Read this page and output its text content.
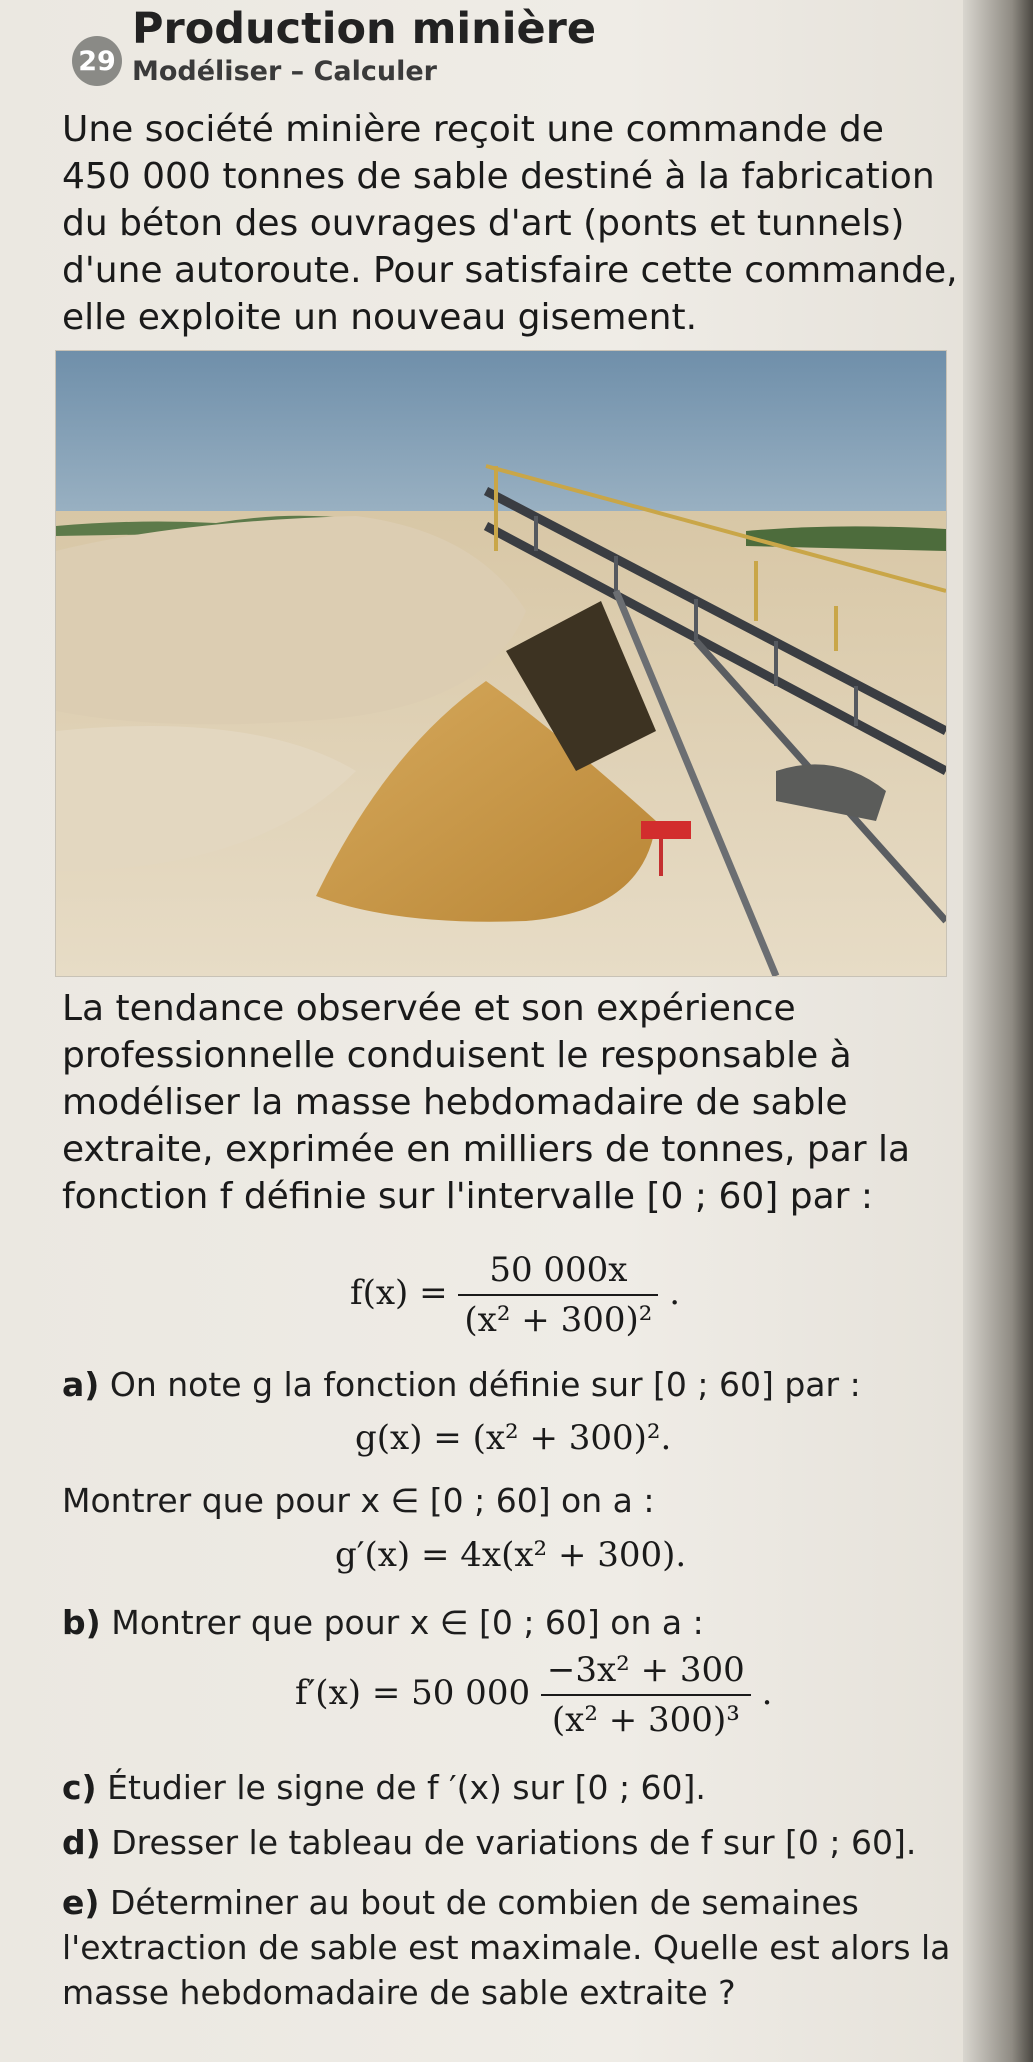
29
Production minière
Modéliser – Calculer
Une société minière reçoit une commande de 450 000 tonnes de sable destiné à la fabrication du béton des ouvrages d'art (ponts et tunnels) d'une autoroute. Pour satisfaire cette commande, elle exploite un nouveau gisement.
La tendance observée et son expérience professionnelle conduisent le responsable à modéliser la masse hebdomadaire de sable extraite, exprimée en milliers de tonnes, par la fonction f définie sur l'intervalle [0 ; 60] par :
$f(x) = \frac{50 000x}{\text{(x² + 300)²}}$ .
a) On note g la fonction définie sur [0 ; 60] par :
g(x) = (x² + 300)².
Montrer que pour x ∈ [0 ; 60] on a :
g′(x) = 4x(x² + 300).
b) Montrer que pour x ∈ [0 ; 60] on a :
f′(x) = 50 $000 \frac{\text{−3x² + 300}}{\text{(x² + 300)³}}$ .
c) Étudier le signe de f ′(x) sur [0 ; 60].
d) Dresser le tableau de variations de f sur [0 ; 60].
e) Déterminer au bout de combien de semaines l'extraction de sable est maximale. Quelle est alors la masse hebdomadaire de sable extraite ?
